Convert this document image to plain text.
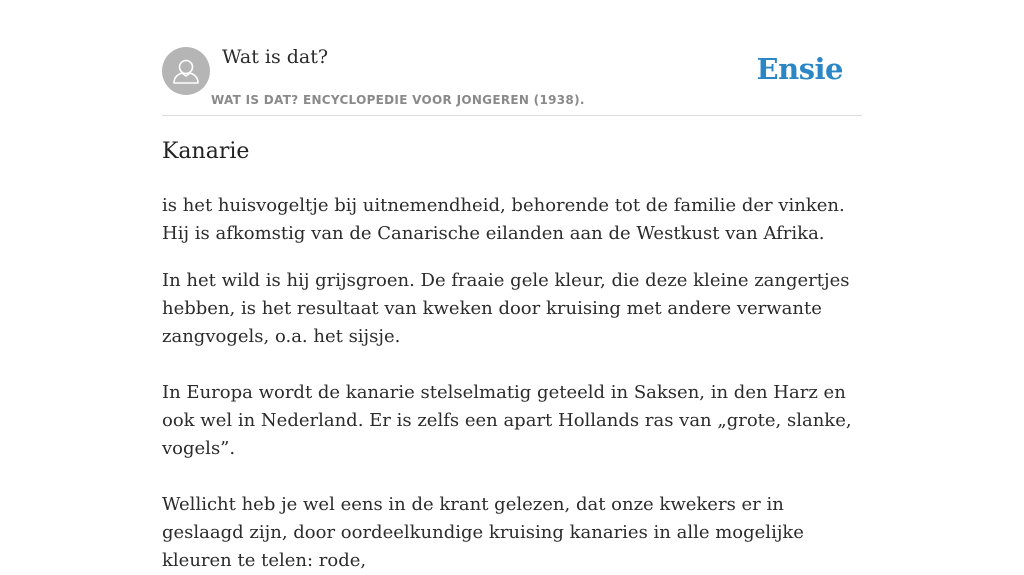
Wat is dat?
WAT IS DAT? ENCYCLOPEDIE VOOR JONGEREN (1938).
Ensie
Kanarie

is het huisvogeltje bij uitnemendheid, behorende tot de familie der vinken. Hij is afkomstig van de Canarische eilanden aan de Westkust van Afrika.

In het wild is hij grijsgroen. De fraaie gele kleur, die deze kleine zangertjes hebben, is het resultaat van kweken door kruising met andere verwante zangvogels, o.a. het sijsje.

In Europa wordt de kanarie stelselmatig geteeld in Saksen, in den Harz en ook wel in Nederland. Er is zelfs een apart Hollands ras van „grote, slanke, vogels”.

Wellicht heb je wel eens in de krant gelezen, dat onze kwekers er in geslaagd zijn, door oordeelkundige kruising kanaries in alle mogelijke kleuren te telen: rode,
